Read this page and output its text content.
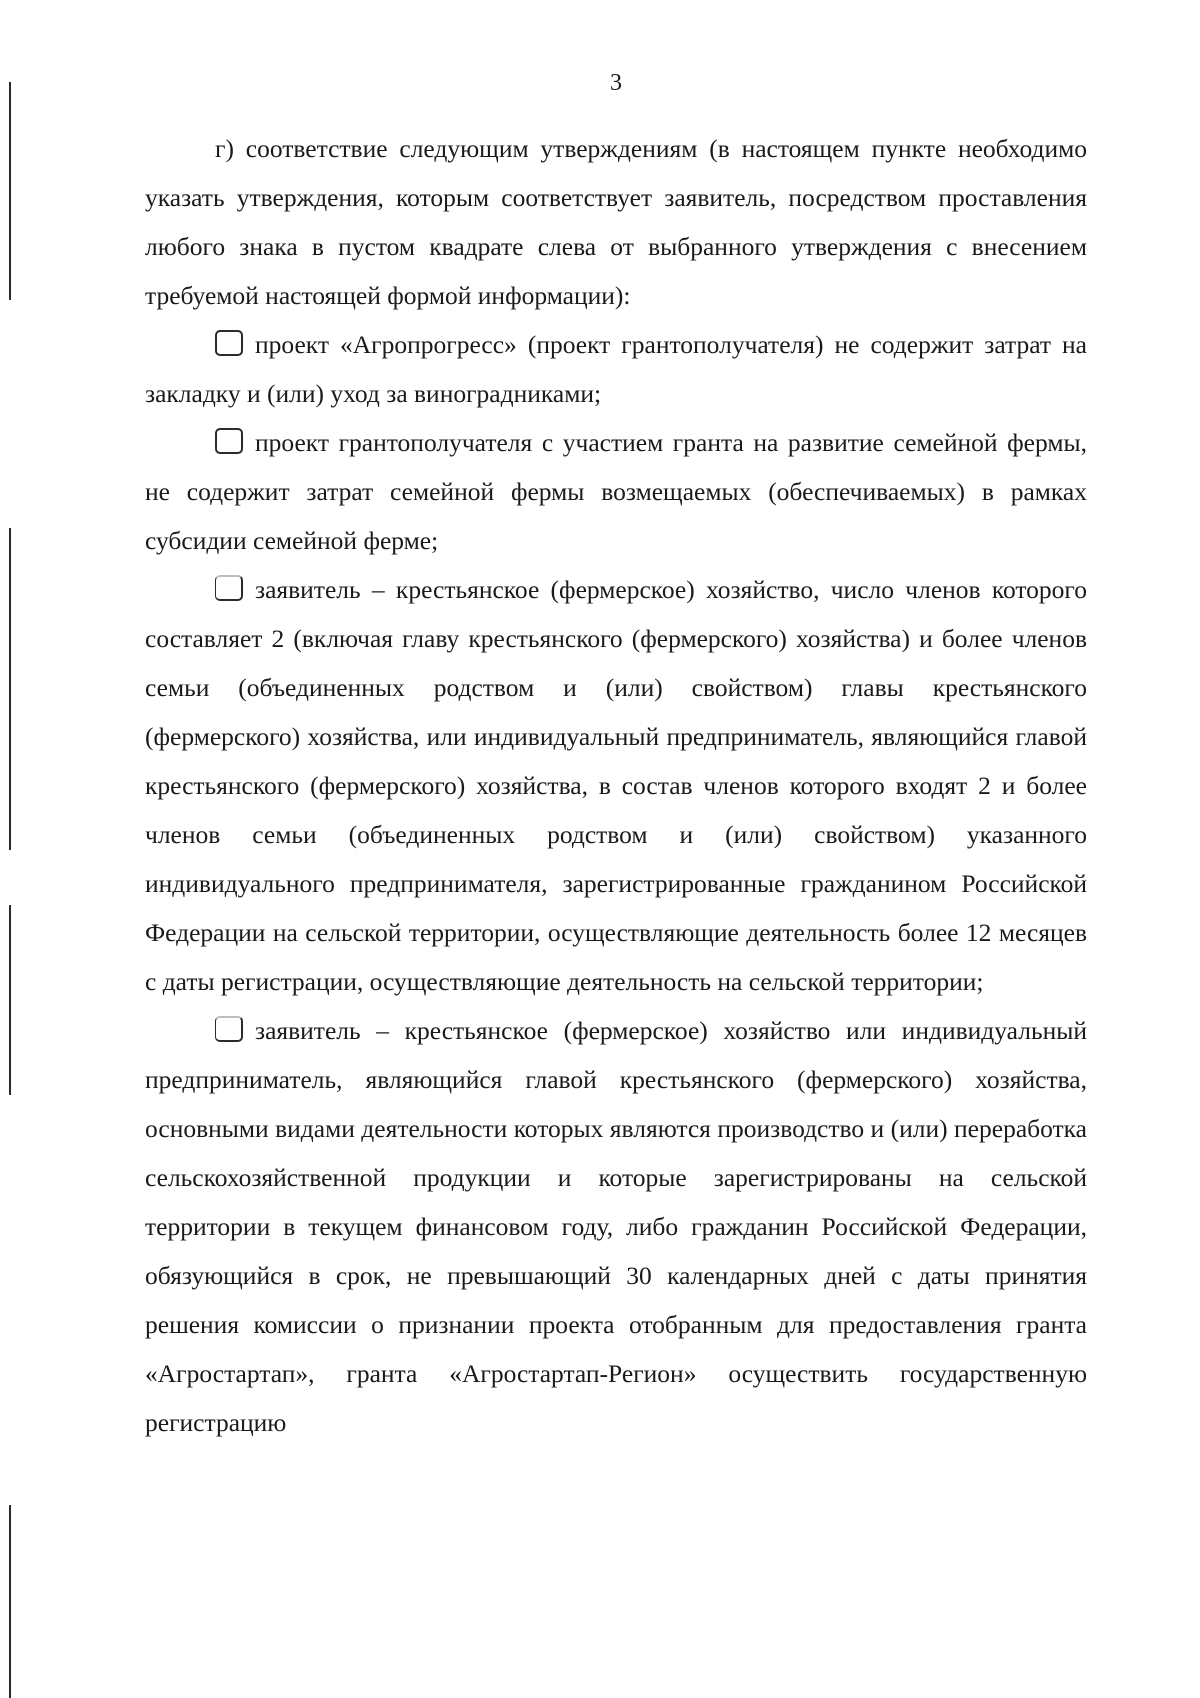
3

г) соответствие следующим утверждениям (в настоящем пункте необходимо указать утверждения, которым соответствует заявитель, посредством проставления любого знака в пустом квадрате слева от выбранного утверждения с внесением требуемой настоящей формой информации):

проект «Агропрогресс» (проект грантополучателя) не содержит затрат на закладку и (или) уход за виноградниками;

проект грантополучателя с участием гранта на развитие семейной фермы, не содержит затрат семейной фермы возмещаемых (обеспечиваемых) в рамках субсидии семейной ферме;

заявитель – крестьянское (фермерское) хозяйство, число членов которого составляет 2 (включая главу крестьянского (фермерского) хозяйства) и более членов семьи (объединенных родством и (или) свойством) главы крестьянского (фермерского) хозяйства, или индивидуальный предприниматель, являющийся главой крестьянского (фермерского) хозяйства, в состав членов которого входят 2 и более членов семьи (объединенных родством и (или) свойством) указанного индивидуального предпринимателя, зарегистрированные гражданином Российской Федерации на сельской территории, осуществляющие деятельность более 12 месяцев с даты регистрации, осуществляющие деятельность на сельской территории;

заявитель – крестьянское (фермерское) хозяйство или индивидуальный предприниматель, являющийся главой крестьянского (фермерского) хозяйства, основными видами деятельности которых являются производство и (или) переработка сельскохозяйственной продукции и которые зарегистрированы на сельской территории в текущем финансовом году, либо гражданин Российской Федерации, обязующийся в срок, не превышающий 30 календарных дней с даты принятия решения комиссии о признании проекта отобранным для предоставления гранта «Агростартап», гранта «Агростартап-Регион» осуществить государственную регистрацию
